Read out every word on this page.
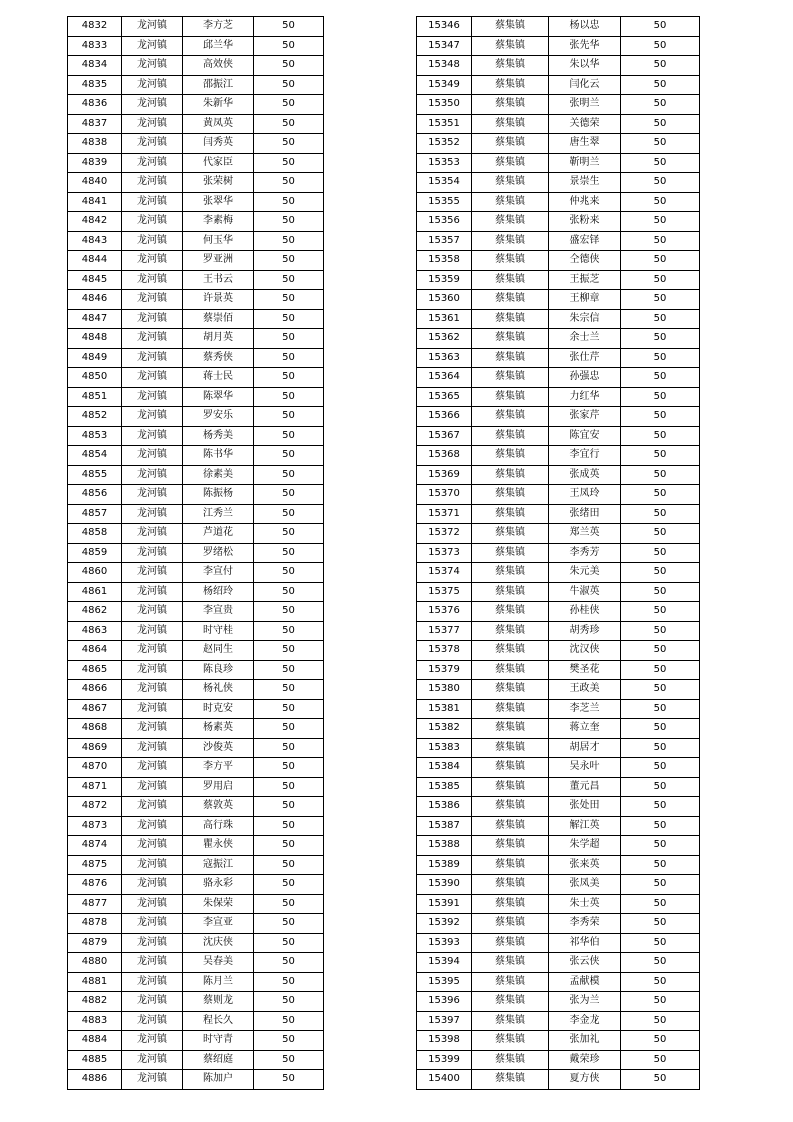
4832	龙河镇	李方芝	50
4833	龙河镇	邱兰华	50
4834	龙河镇	高效侠	50
4835	龙河镇	邵振江	50
4836	龙河镇	朱新华	50
4837	龙河镇	黄凤英	50
4838	龙河镇	闫秀英	50
4839	龙河镇	代家臣	50
4840	龙河镇	张荣树	50
4841	龙河镇	张翠华	50
4842	龙河镇	李素梅	50
4843	龙河镇	何玉华	50
4844	龙河镇	罗亚洲	50
4845	龙河镇	王书云	50
4846	龙河镇	许景英	50
4847	龙河镇	蔡崇佰	50
4848	龙河镇	胡月英	50
4849	龙河镇	蔡秀侠	50
4850	龙河镇	蒋士民	50
4851	龙河镇	陈翠华	50
4852	龙河镇	罗安乐	50
4853	龙河镇	杨秀美	50
4854	龙河镇	陈书华	50
4855	龙河镇	徐素美	50
4856	龙河镇	陈振杨	50
4857	龙河镇	江秀兰	50
4858	龙河镇	芦道花	50
4859	龙河镇	罗绪松	50
4860	龙河镇	李宣付	50
4861	龙河镇	杨绍玲	50
4862	龙河镇	李宣贵	50
4863	龙河镇	时守桂	50
4864	龙河镇	赵同生	50
4865	龙河镇	陈良珍	50
4866	龙河镇	杨礼侠	50
4867	龙河镇	时克安	50
4868	龙河镇	杨素英	50
4869	龙河镇	沙俊英	50
4870	龙河镇	李方平	50
4871	龙河镇	罗用启	50
4872	龙河镇	蔡敦英	50
4873	龙河镇	高行珠	50
4874	龙河镇	瞿永侠	50
4875	龙河镇	寇振江	50
4876	龙河镇	骆永彩	50
4877	龙河镇	朱保荣	50
4878	龙河镇	李宣亚	50
4879	龙河镇	沈庆侠	50
4880	龙河镇	吴春美	50
4881	龙河镇	陈月兰	50
4882	龙河镇	蔡则龙	50
4883	龙河镇	程长久	50
4884	龙河镇	时守青	50
4885	龙河镇	蔡绍庭	50
4886	龙河镇	陈加户	50
15346	蔡集镇	杨以忠	50
15347	蔡集镇	张先华	50
15348	蔡集镇	朱以华	50
15349	蔡集镇	闫化云	50
15350	蔡集镇	张明兰	50
15351	蔡集镇	关德荣	50
15352	蔡集镇	唐生翠	50
15353	蔡集镇	靳明兰	50
15354	蔡集镇	景崇生	50
15355	蔡集镇	仲兆来	50
15356	蔡集镇	张粉来	50
15357	蔡集镇	盛宏铎	50
15358	蔡集镇	仝德侠	50
15359	蔡集镇	王振芝	50
15360	蔡集镇	王柳章	50
15361	蔡集镇	朱宗信	50
15362	蔡集镇	余士兰	50
15363	蔡集镇	张仕芹	50
15364	蔡集镇	孙强忠	50
15365	蔡集镇	力红华	50
15366	蔡集镇	张家芹	50
15367	蔡集镇	陈宜安	50
15368	蔡集镇	李宜行	50
15369	蔡集镇	张成英	50
15370	蔡集镇	王凤玲	50
15371	蔡集镇	张绪田	50
15372	蔡集镇	郑兰英	50
15373	蔡集镇	李秀芳	50
15374	蔡集镇	朱元美	50
15375	蔡集镇	牛淑英	50
15376	蔡集镇	孙桂侠	50
15377	蔡集镇	胡秀珍	50
15378	蔡集镇	沈汉侠	50
15379	蔡集镇	樊圣花	50
15380	蔡集镇	王政美	50
15381	蔡集镇	李芝兰	50
15382	蔡集镇	蒋立奎	50
15383	蔡集镇	胡居才	50
15384	蔡集镇	吴永叶	50
15385	蔡集镇	董元昌	50
15386	蔡集镇	张处田	50
15387	蔡集镇	解江英	50
15388	蔡集镇	朱学超	50
15389	蔡集镇	张来英	50
15390	蔡集镇	张凤美	50
15391	蔡集镇	朱士英	50
15392	蔡集镇	李秀荣	50
15393	蔡集镇	祁华伯	50
15394	蔡集镇	张云侠	50
15395	蔡集镇	孟献模	50
15396	蔡集镇	张为兰	50
15397	蔡集镇	李金龙	50
15398	蔡集镇	张加礼	50
15399	蔡集镇	戴荣珍	50
15400	蔡集镇	夏方侠	50
